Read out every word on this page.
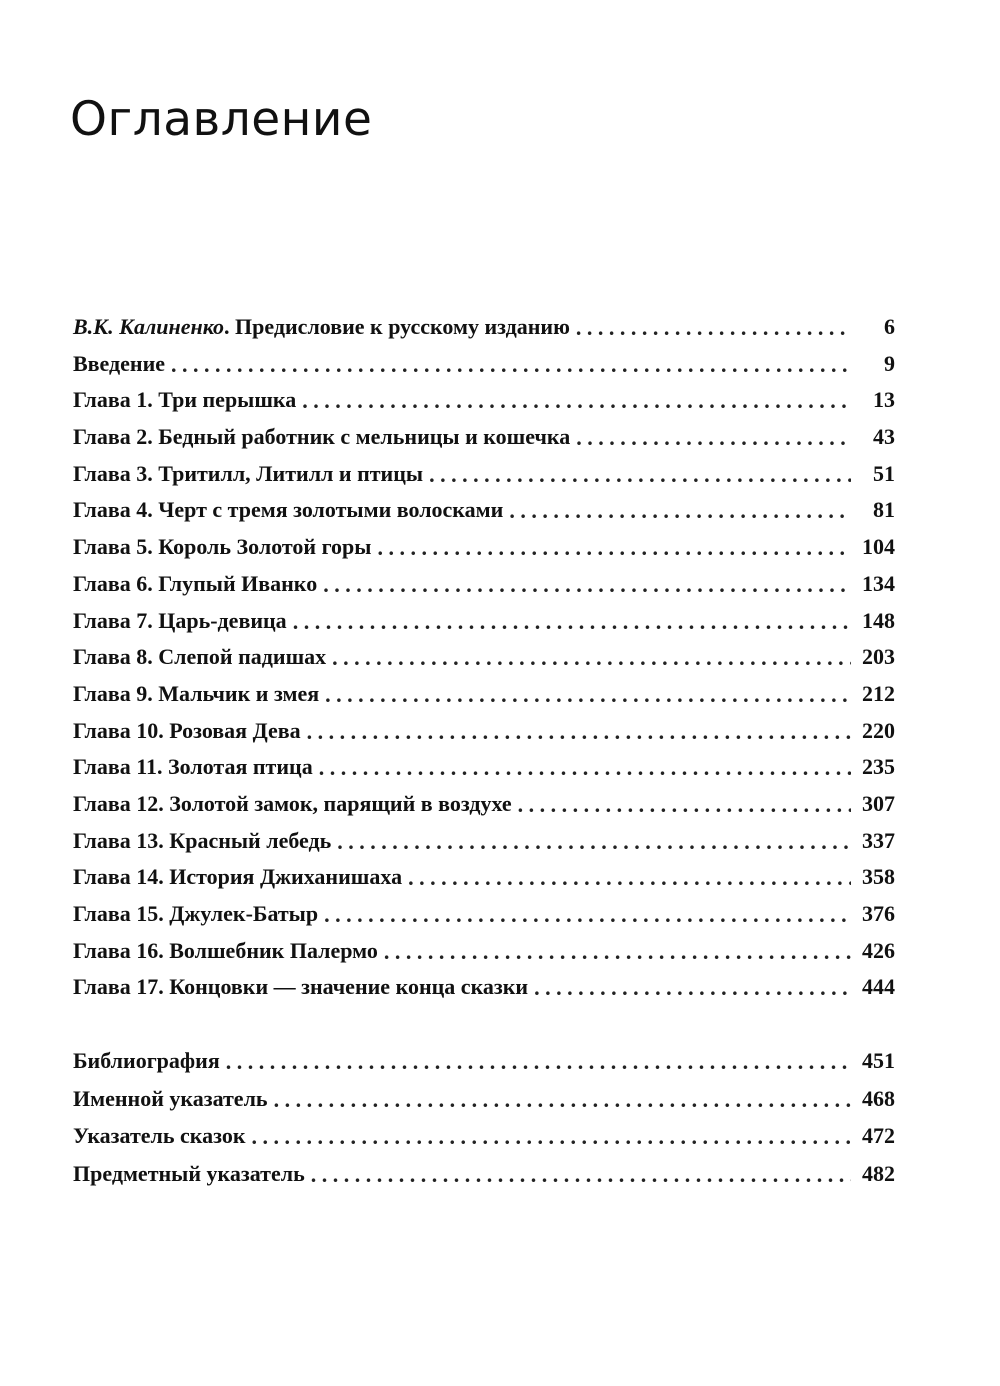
Оглавление
В.К. Калиненко. Предисловие к русскому изданию . . .	6
Введение . . .	9
Глава 1. Три перышка . . .	13
Глава 2. Бедный работник с мельницы и кошечка . . .	43
Глава 3. Тритилл, Литилл и птицы . . .	51
Глава 4. Черт с тремя золотыми волосками . . .	81
Глава 5. Король Золотой горы . . .	104
Глава 6. Глупый Иванко . . .	134
Глава 7. Царь-девица . . .	148
Глава 8. Слепой падишах . . .	203
Глава 9. Мальчик и змея . . .	212
Глава 10. Розовая Дева . . .	220
Глава 11. Золотая птица . . .	235
Глава 12. Золотой замок, парящий в воздухе . . .	307
Глава 13. Красный лебедь . . .	337
Глава 14. История Джиханишаха . . .	358
Глава 15. Джулек-Батыр . . .	376
Глава 16. Волшебник Палермо . . .	426
Глава 17. Концовки — значение конца сказки . . .	444
Библиография . . .	451
Именной указатель . . .	468
Указатель сказок . . .	472
Предметный указатель . . .	482
